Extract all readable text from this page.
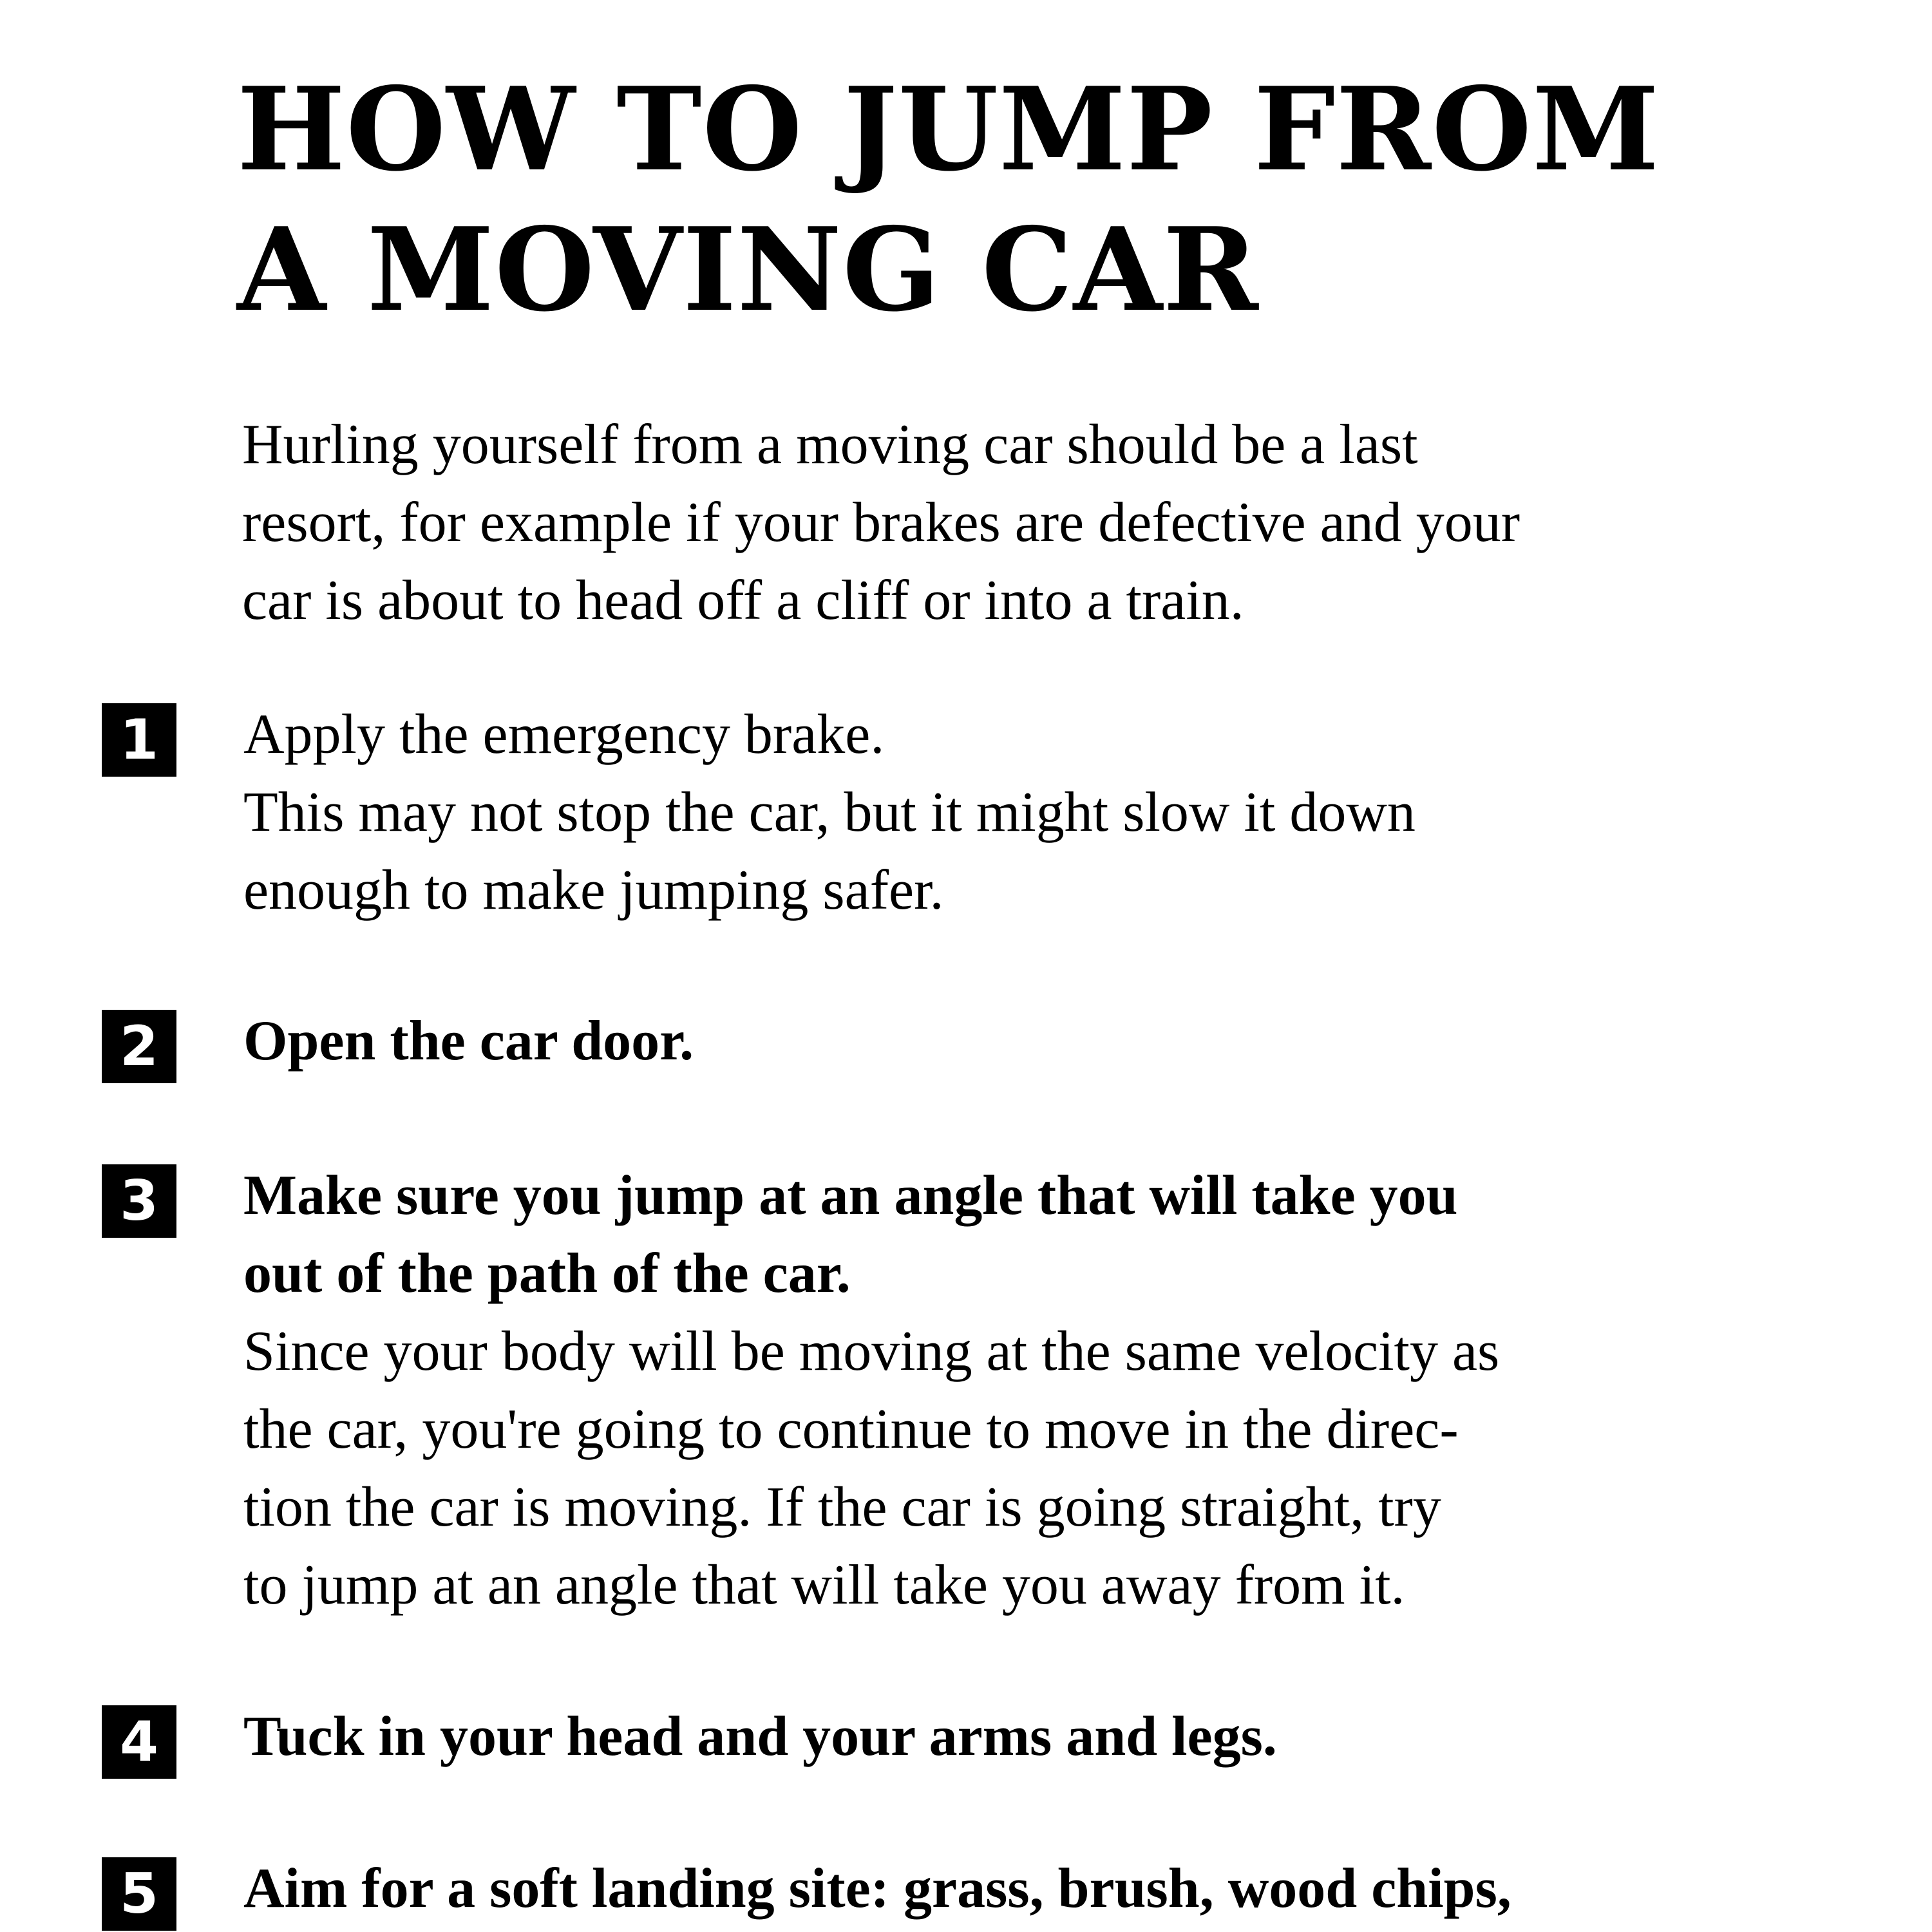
HOW TO JUMP FROM
A MOVING CAR

Hurling yourself from a moving car should be a last
resort, for example if your brakes are defective and your
car is about to head off a cliff or into a train.

1	Apply the emergency brake.
This may not stop the car, but it might slow it down
enough to make jumping safer.
2	Open the car door.
3	Make sure you jump at an angle that will take you
out of the path of the car.
Since your body will be moving at the same velocity as
the car, you're going to continue to move in the direc-
tion the car is moving. If the car is going straight, try
to jump at an angle that will take you away from it.
4	Tuck in your head and your arms and legs.
5	Aim for a soft landing site: grass, brush, wood chips,
